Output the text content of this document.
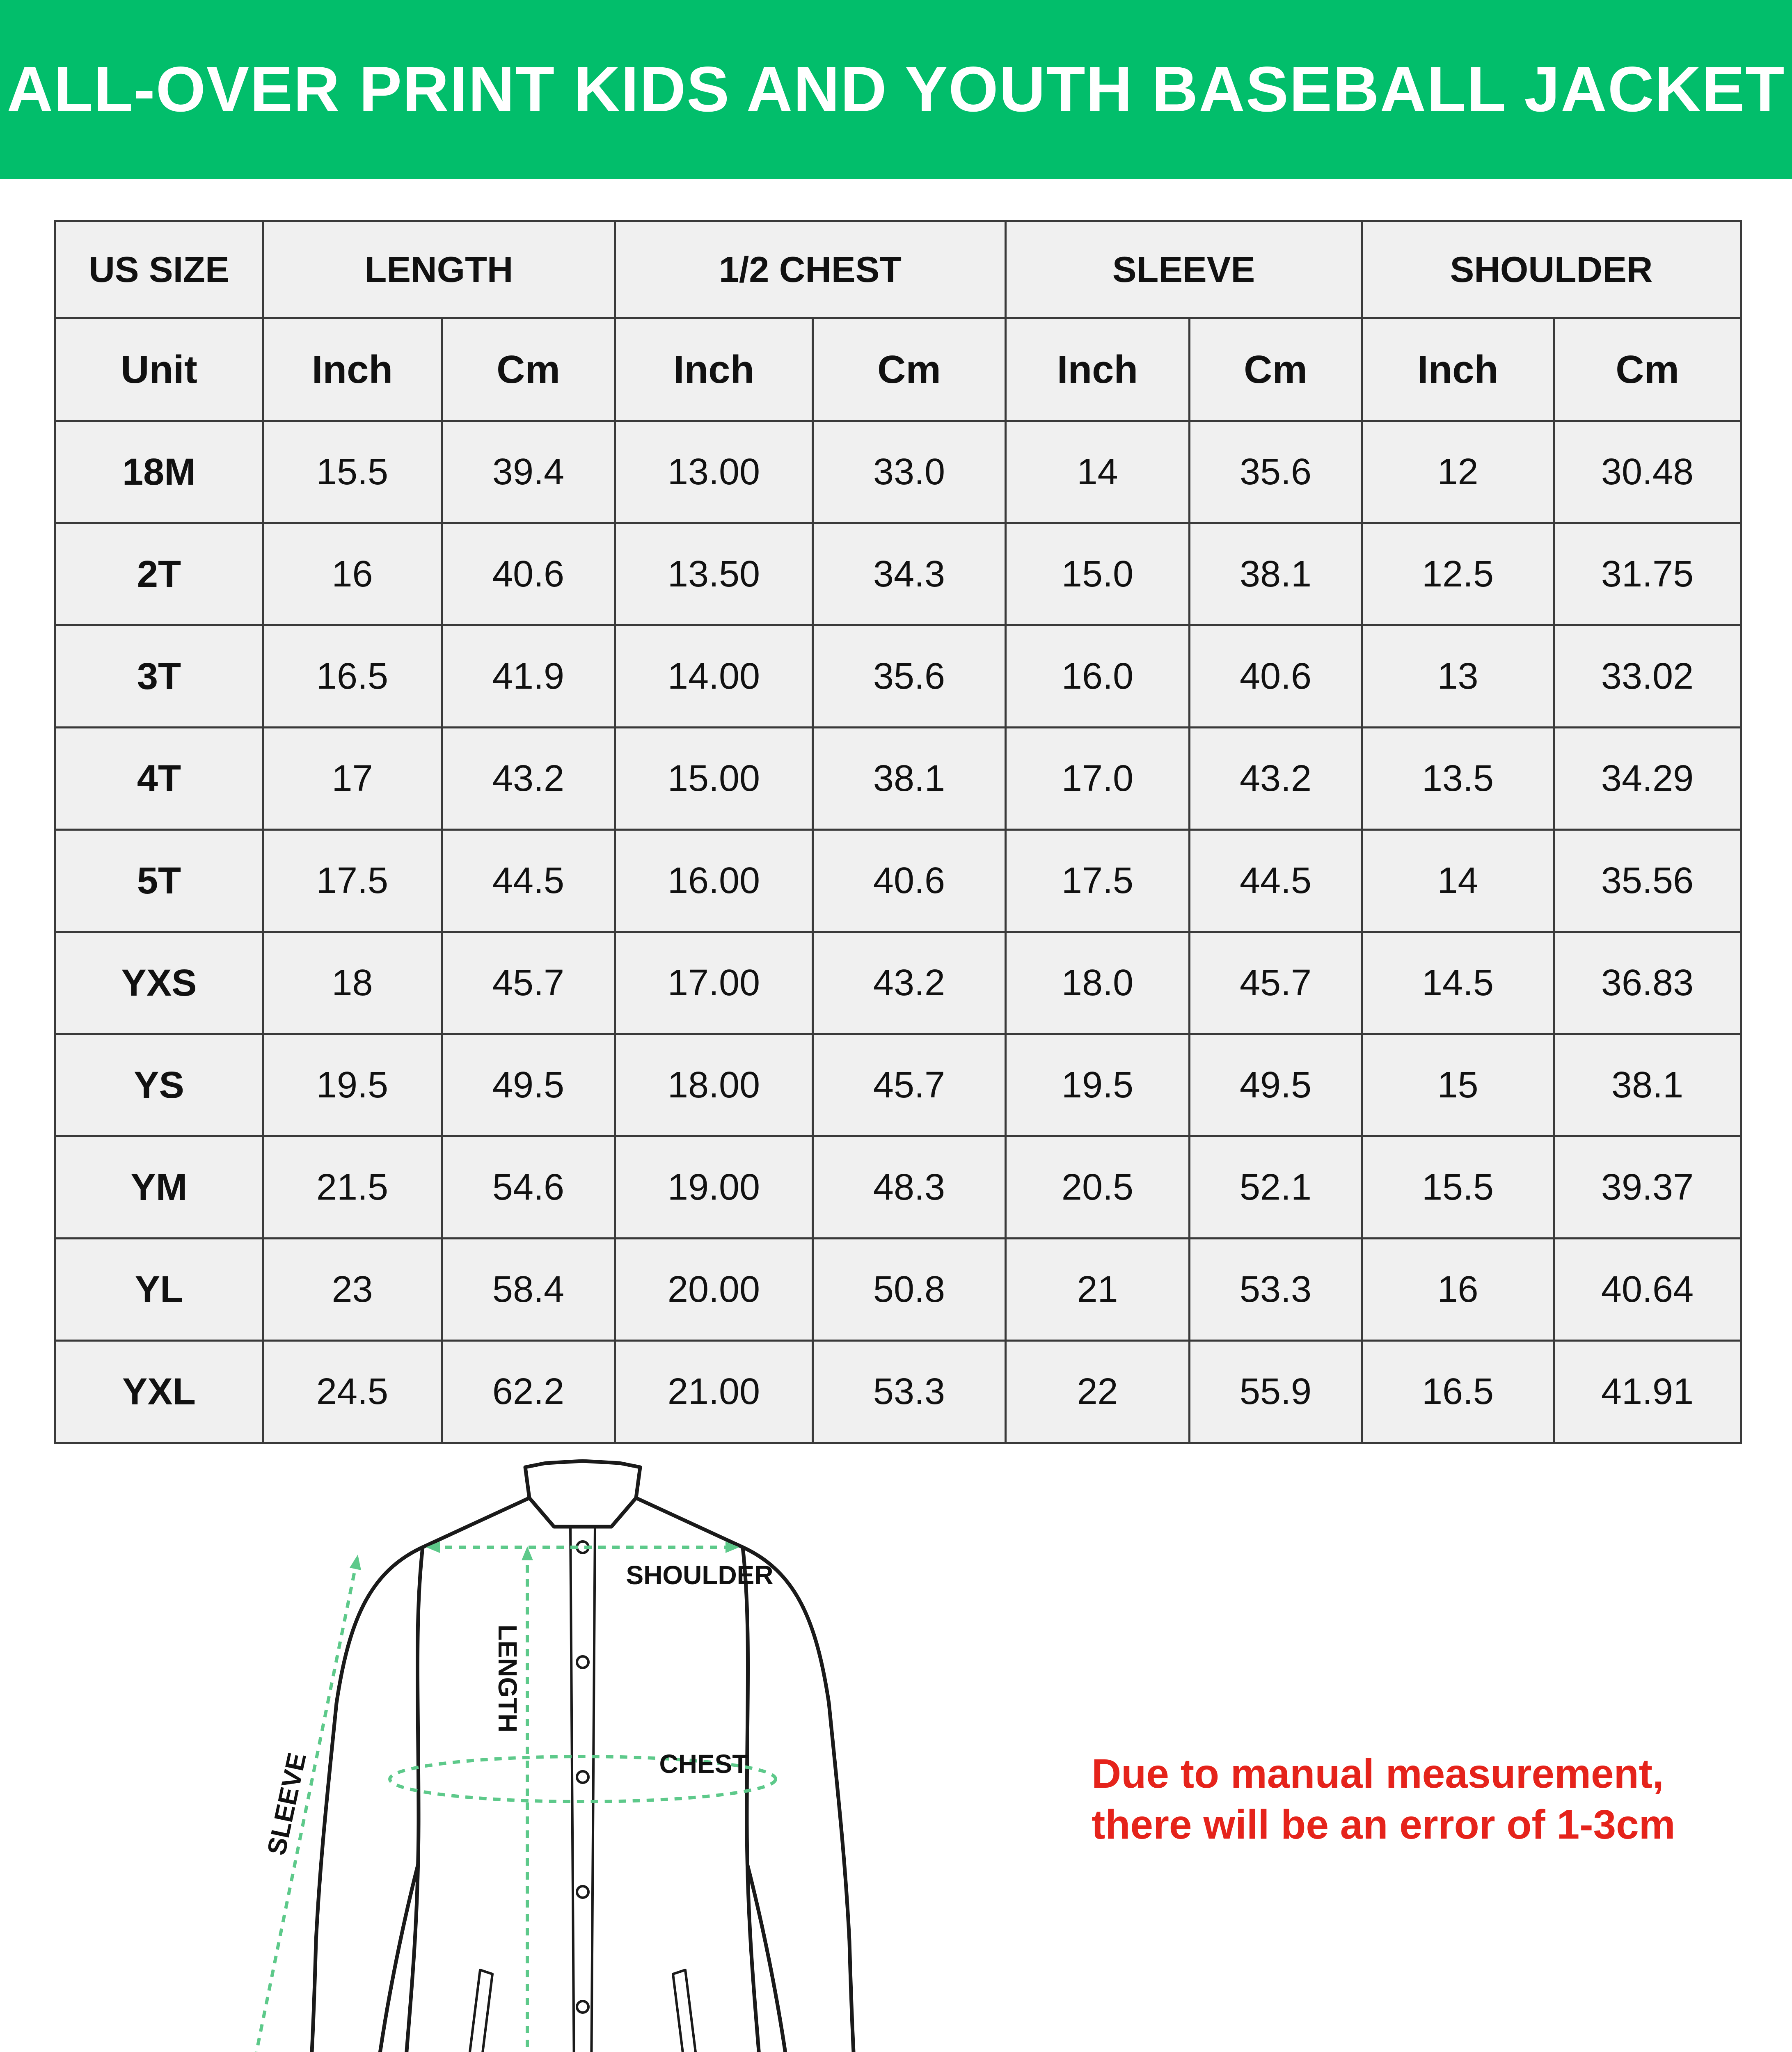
ALL-OVER PRINT KIDS AND YOUTH BASEBALL JACKET
US SIZE	LENGTH		1/2 CHEST		SLEEVE		SHOULDER	
Unit	Inch	Cm	Inch	Cm	Inch	Cm	Inch	Cm
18M	15.5	39.4	13.00	33.0	14	35.6	12	30.48
2T	16	40.6	13.50	34.3	15.0	38.1	12.5	31.75
3T	16.5	41.9	14.00	35.6	16.0	40.6	13	33.02
4T	17	43.2	15.00	38.1	17.0	43.2	13.5	34.29
5T	17.5	44.5	16.00	40.6	17.5	44.5	14	35.56
YXS	18	45.7	17.00	43.2	18.0	45.7	14.5	36.83
YS	19.5	49.5	18.00	45.7	19.5	49.5	15	38.1
YM	21.5	54.6	19.00	48.3	20.5	52.1	15.5	39.37
YL	23	58.4	20.00	50.8	21	53.3	16	40.64
YXL	24.5	62.2	21.00	53.3	22	55.9	16.5	41.91
SHOULDER
CHEST
LENGTH
SLEEVE	Due to manual measurement,
there will be an error of 1-3cm
